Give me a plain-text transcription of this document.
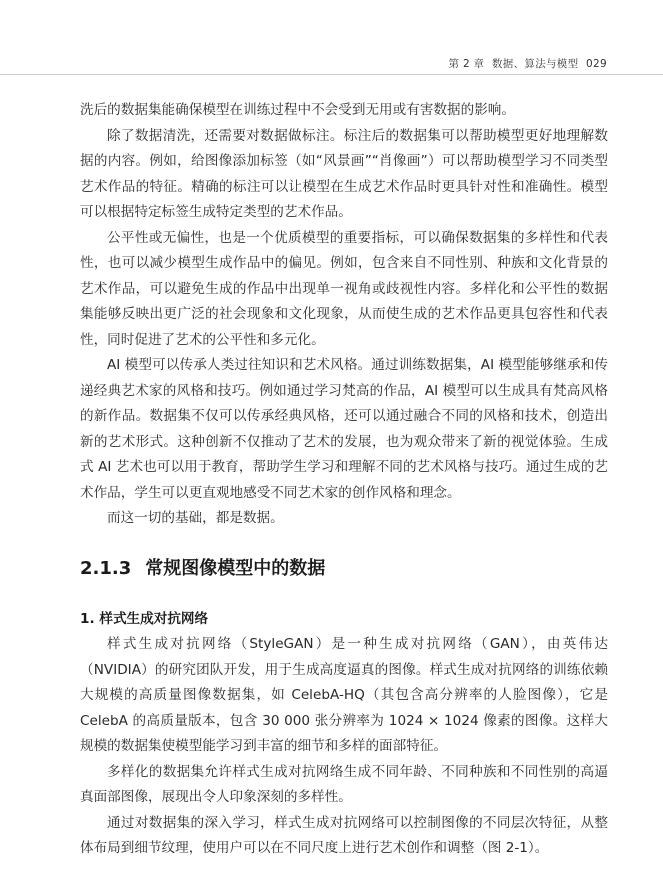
第 2 章 数据、算法与模型 029

洗后的数据集能确保模型在训练过程中不会受到无用或有害数据的影响。

除了数据清洗，还需要对数据做标注。标注后的数据集可以帮助模型更好地理解数据的内容。例如，给图像添加标签（如“风景画”“肖像画”）可以帮助模型学习不同类型艺术作品的特征。精确的标注可以让模型在生成艺术作品时更具针对性和准确性。模型可以根据特定标签生成特定类型的艺术作品。

公平性或无偏性，也是一个优质模型的重要指标，可以确保数据集的多样性和代表性，也可以减少模型生成作品中的偏见。例如，包含来自不同性别、种族和文化背景的艺术作品，可以避免生成的作品中出现单一视角或歧视性内容。多样化和公平性的数据集能够反映出更广泛的社会现象和文化现象，从而使生成的艺术作品更具包容性和代表性，同时促进了艺术的公平性和多元化。

AI 模型可以传承人类过往知识和艺术风格。通过训练数据集，AI 模型能够继承和传递经典艺术家的风格和技巧。例如通过学习梵高的作品，AI 模型可以生成具有梵高风格的新作品。数据集不仅可以传承经典风格，还可以通过融合不同的风格和技术，创造出新的艺术形式。这种创新不仅推动了艺术的发展，也为观众带来了新的视觉体验。生成式 AI 艺术也可以用于教育，帮助学生学习和理解不同的艺术风格与技巧。通过生成的艺术作品，学生可以更直观地感受不同艺术家的创作风格和理念。

而这一切的基础，都是数据。

2.1.3 常规图像模型中的数据
1. 样式生成对抗网络

样式生成对抗网络（StyleGAN）是一种生成对抗网络（GAN），由英伟达（NVIDIA）的研究团队开发，用于生成高度逼真的图像。样式生成对抗网络的训练依赖大规模的高质量图像数据集，如 CelebA-HQ（其包含高分辨率的人脸图像），它是 CelebA 的高质量版本，包含 30 000 张分辨率为 1024 × 1024 像素的图像。这样大规模的数据集使模型能学习到丰富的细节和多样的面部特征。

多样化的数据集允许样式生成对抗网络生成不同年龄、不同种族和不同性别的高逼真面部图像，展现出令人印象深刻的多样性。

通过对数据集的深入学习，样式生成对抗网络可以控制图像的不同层次特征，从整体布局到细节纹理，使用户可以在不同尺度上进行艺术创作和调整（图 2-1）。
